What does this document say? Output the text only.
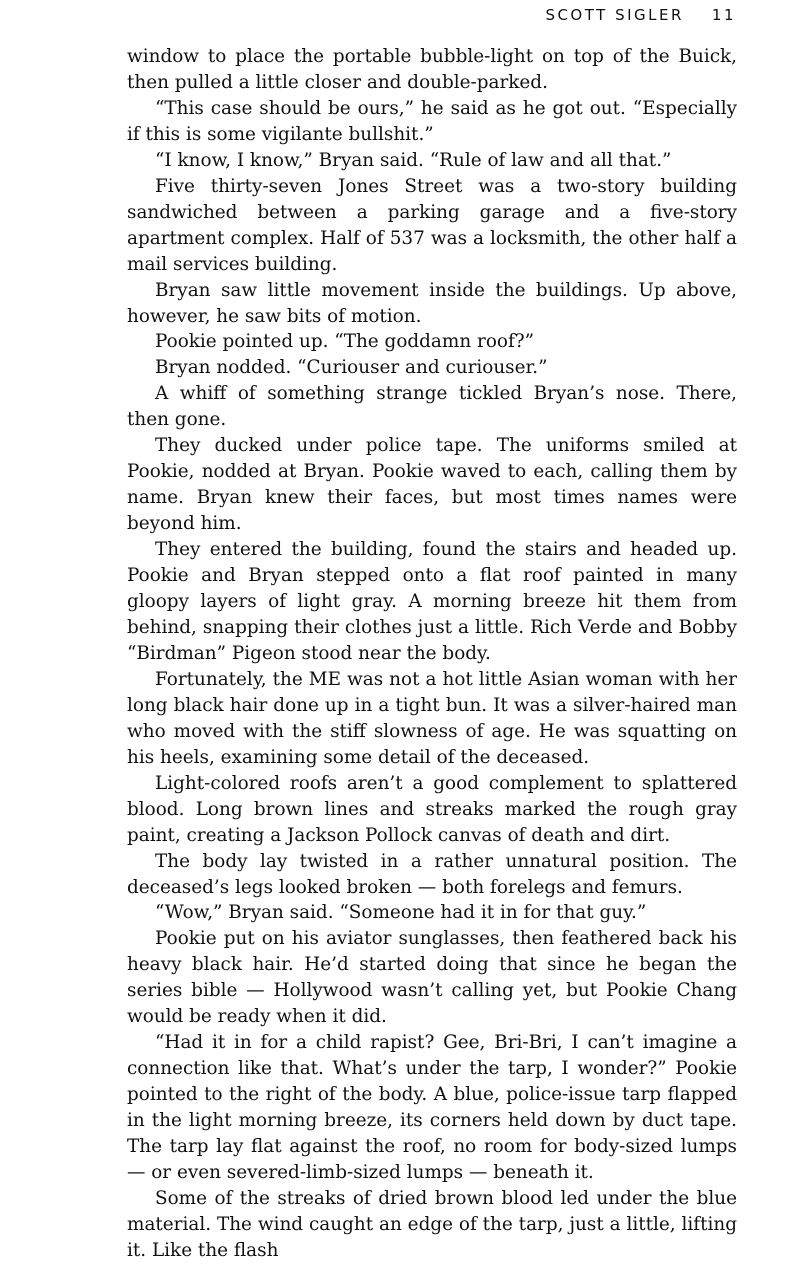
SCOTT SIGLER 11

window to place the portable bubble-light on top of the Buick, then pulled a little closer and double-parked.

“This case should be ours,” he said as he got out. “Especially if this is some vigilante bullshit.”

“I know, I know,” Bryan said. “Rule of law and all that.”

Five thirty-seven Jones Street was a two-story building sandwiched between a parking garage and a five-story apartment complex. Half of 537 was a locksmith, the other half a mail services building.

Bryan saw little movement inside the buildings. Up above, however, he saw bits of motion.

Pookie pointed up. “The goddamn roof?”

Bryan nodded. “Curiouser and curiouser.”

A whiff of something strange tickled Bryan’s nose. There, then gone.

They ducked under police tape. The uniforms smiled at Pookie, nodded at Bryan. Pookie waved to each, calling them by name. Bryan knew their faces, but most times names were beyond him.

They entered the building, found the stairs and headed up. Pookie and Bryan stepped onto a flat roof painted in many gloopy layers of light gray. A morning breeze hit them from behind, snapping their clothes just a little. Rich Verde and Bobby “Birdman” Pigeon stood near the body.

Fortunately, the ME was not a hot little Asian woman with her long black hair done up in a tight bun. It was a silver-haired man who moved with the stiff slowness of age. He was squatting on his heels, examining some detail of the deceased.

Light-colored roofs aren’t a good complement to splattered blood. Long brown lines and streaks marked the rough gray paint, creating a Jackson Pollock canvas of death and dirt.

The body lay twisted in a rather unnatural position. The deceased’s legs looked broken — both forelegs and femurs.

“Wow,” Bryan said. “Someone had it in for that guy.”

Pookie put on his aviator sunglasses, then feathered back his heavy black hair. He’d started doing that since he began the series bible — Hollywood wasn’t calling yet, but Pookie Chang would be ready when it did.

“Had it in for a child rapist? Gee, Bri-Bri, I can’t imagine a connection like that. What’s under the tarp, I wonder?” Pookie pointed to the right of the body. A blue, police-issue tarp flapped in the light morning breeze, its corners held down by duct tape. The tarp lay flat against the roof, no room for body-sized lumps — or even severed-limb-sized lumps — beneath it.

Some of the streaks of dried brown blood led under the blue material. The wind caught an edge of the tarp, just a little, lifting it. Like the flash
